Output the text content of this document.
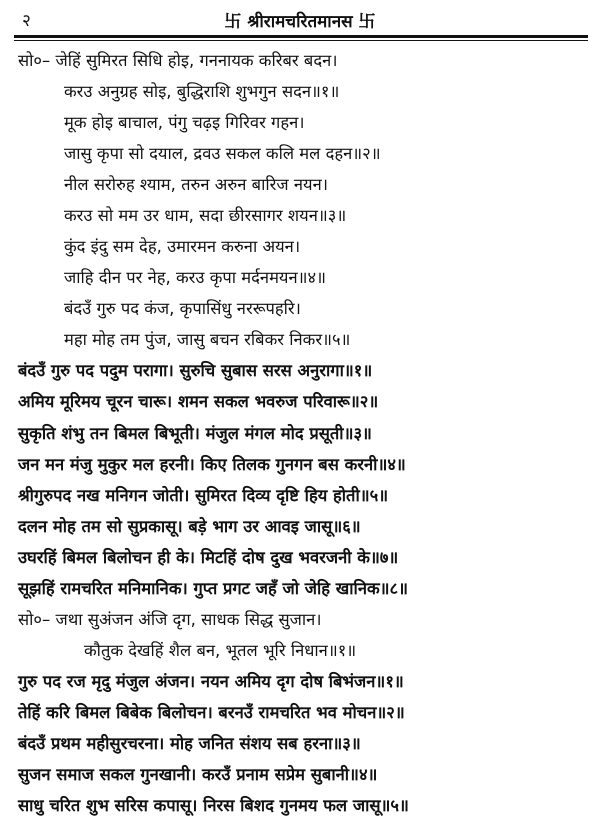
२	卐 श्रीरामचरितमानस 卐
सो०– जेहिं सुमिरत सिधि होइ, गननायक करिबर बदन।
करउ अनुग्रह सोइ, बुद्धिराशि शुभगुन सदन॥१॥
मूक होइ बाचाल, पंगु चढ़इ गिरिवर गहन।
जासु कृपा सो दयाल, द्रवउ सकल कलि मल दहन॥२॥
नील सरोरुह श्याम, तरुन अरुन बारिज नयन।
करउ सो मम उर धाम, सदा छीरसागर शयन॥३॥
कुंद इंदु सम देह, उमारमन करुना अयन।
जाहि दीन पर नेह, करउ कृपा मर्दनमयन॥४॥
बंदउँ गुरु पद कंज, कृपासिंधु नररूपहरि।
महा मोह तम पुंज, जासु बचन रबिकर निकर॥५॥
बंदउँ गुरु पद पदुम परागा। सुरुचि सुबास सरस अनुरागा॥१॥
अमिय मूरिमय चूरन चारू। शमन सकल भवरुज परिवारू॥२॥
सुकृति शंभु तन बिमल बिभूती। मंजुल मंगल मोद प्रसूती॥३॥
जन मन मंजु मुकुर मल हरनी। किए तिलक गुनगन बस करनी॥४॥
श्रीगुरुपद नख मनिगन जोती। सुमिरत दिव्य दृष्टि हिय होती॥५॥
दलन मोह तम सो सुप्रकासू। बड़े भाग उर आवइ जासू॥६॥
उघरहिं बिमल बिलोचन ही के। मिटहिं दोष दुख भवरजनी के॥७॥
सूझहिं रामचरित मनिमानिक। गुप्त प्रगट जहँ जो जेहि खानिक॥८॥
सो०– जथा सुअंजन अंजि दृग, साधक सिद्ध सुजान।
कौतुक देखहिं शैल बन, भूतल भूरि निधान॥१॥
गुरु पद रज मृदु मंजुल अंजन। नयन अमिय दृग दोष बिभंजन॥१॥
तेहिं करि बिमल बिबेक बिलोचन। बरनउँ रामचरित भव मोचन॥२॥
बंदउँ प्रथम महीसुरचरना। मोह जनित संशय सब हरना॥३॥
सुजन समाज सकल गुनखानी। करउँ प्रनाम सप्रेम सुबानी॥४॥
साधु चरित शुभ सरिस कपासू। निरस बिशद गुनमय फल जासू॥५॥
